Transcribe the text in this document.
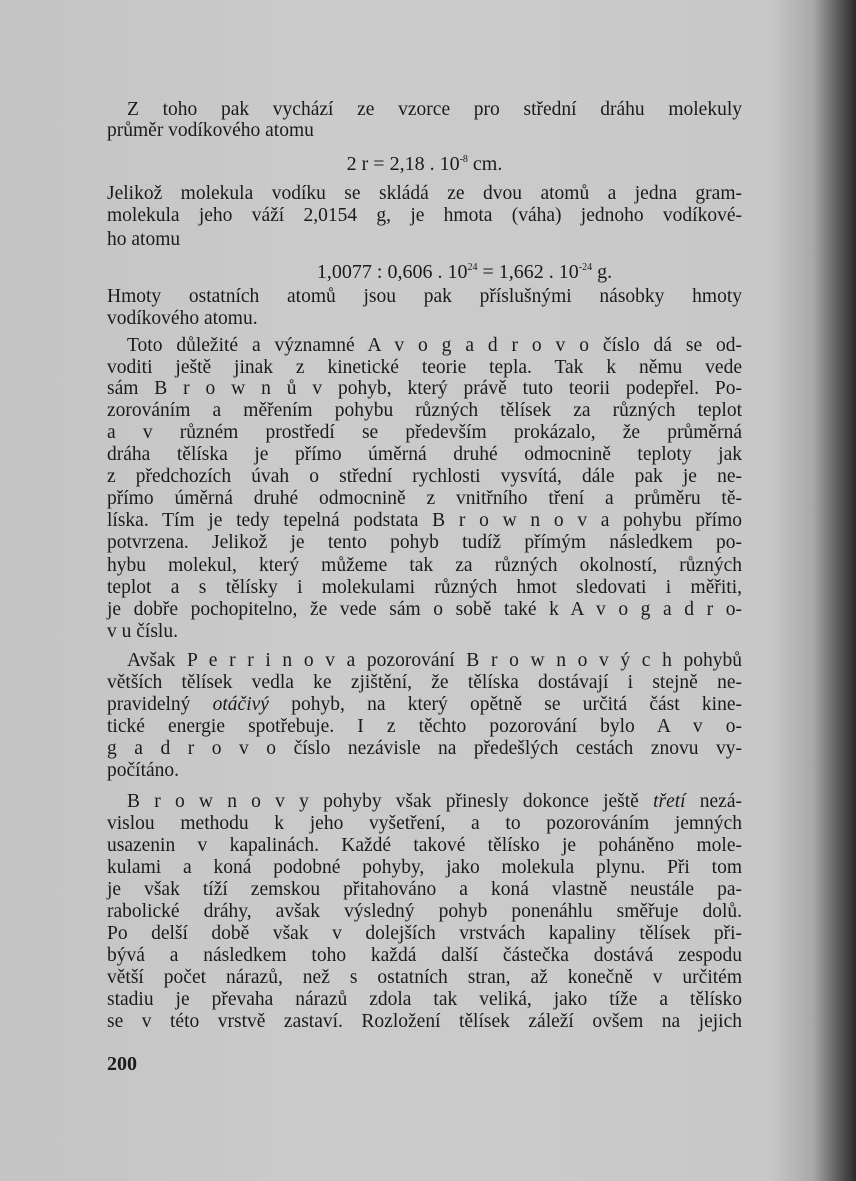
Z toho pak vychází ze vzorce pro střední dráhu molekuly
průměr vodíkového atomu
2 r = 2,18 . $10^{-8}$ cm.
Jelikož molekula vodíku se skládá ze dvou atomů a jedna gram-
molekula jeho váží 2,0154 g, je hmota (váha) jednoho vodíkové-
ho atomu
1,0077 : 0,606 . $10^{24} = 1,662$ . $10^{-24}$ g.
Hmoty ostatních atomů jsou pak příslušnými násobky hmoty
vodíkového atomu.
Toto důležité a významné A v o g a d r o v o číslo dá se od-
voditi ještě jinak z kinetické teorie tepla. Tak k němu vede
sám B r o w n ů v pohyb, který právě tuto teorii podepřel. Po-
zorováním a měřením pohybu různých tělísek za různých teplot
a v různém prostředí se především prokázalo, že průměrná
dráha tělíska je přímo úměrná druhé odmocnině teploty jak
z předchozích úvah o střední rychlosti vysvítá, dále pak je ne-
přímo úměrná druhé odmocnině z vnitřního tření a průměru tě-
líska. Tím je tedy tepelná podstata B r o w n o v a pohybu přímo
potvrzena. Jelikož je tento pohyb tudíž přímým následkem po-
hybu molekul, který můžeme tak za různých okolností, různých
teplot a s tělísky i molekulami různých hmot sledovati i měřiti,
je dobře pochopitelno, že vede sám o sobě také k A v o g a d r o-
v u číslu.
Avšak P e r r i n o v a pozorování B r o w n o v ý c h pohybů
větších tělísek vedla ke zjištění, že tělíska dostávají i stejně ne-
pravidelný otáčivý pohyb, na který opětně se určitá část kine-
tické energie spotřebuje. I z těchto pozorování bylo A v o-
g a d r o v o číslo nezávisle na předešlých cestách znovu vy-
počítáno.
B r o w n o v y pohyby však přinesly dokonce ještě třetí nezá-
vislou methodu k jeho vyšetření, a to pozorováním jemných
usazenin v kapalinách. Každé takové tělísko je poháněno mole-
kulami a koná podobné pohyby, jako molekula plynu. Při tom
je však tíží zemskou přitahováno a koná vlastně neustále pa-
rabolické dráhy, avšak výsledný pohyb ponenáhlu směřuje dolů.
Po delší době však v dolejších vrstvách kapaliny tělísek při-
bývá a následkem toho každá další částečka dostává zespodu
větší počet nárazů, než s ostatních stran, až konečně v určitém
stadiu je převaha nárazů zdola tak veliká, jako tíže a tělísko
se v této vrstvě zastaví. Rozložení tělísek záleží ovšem na jejich
200
